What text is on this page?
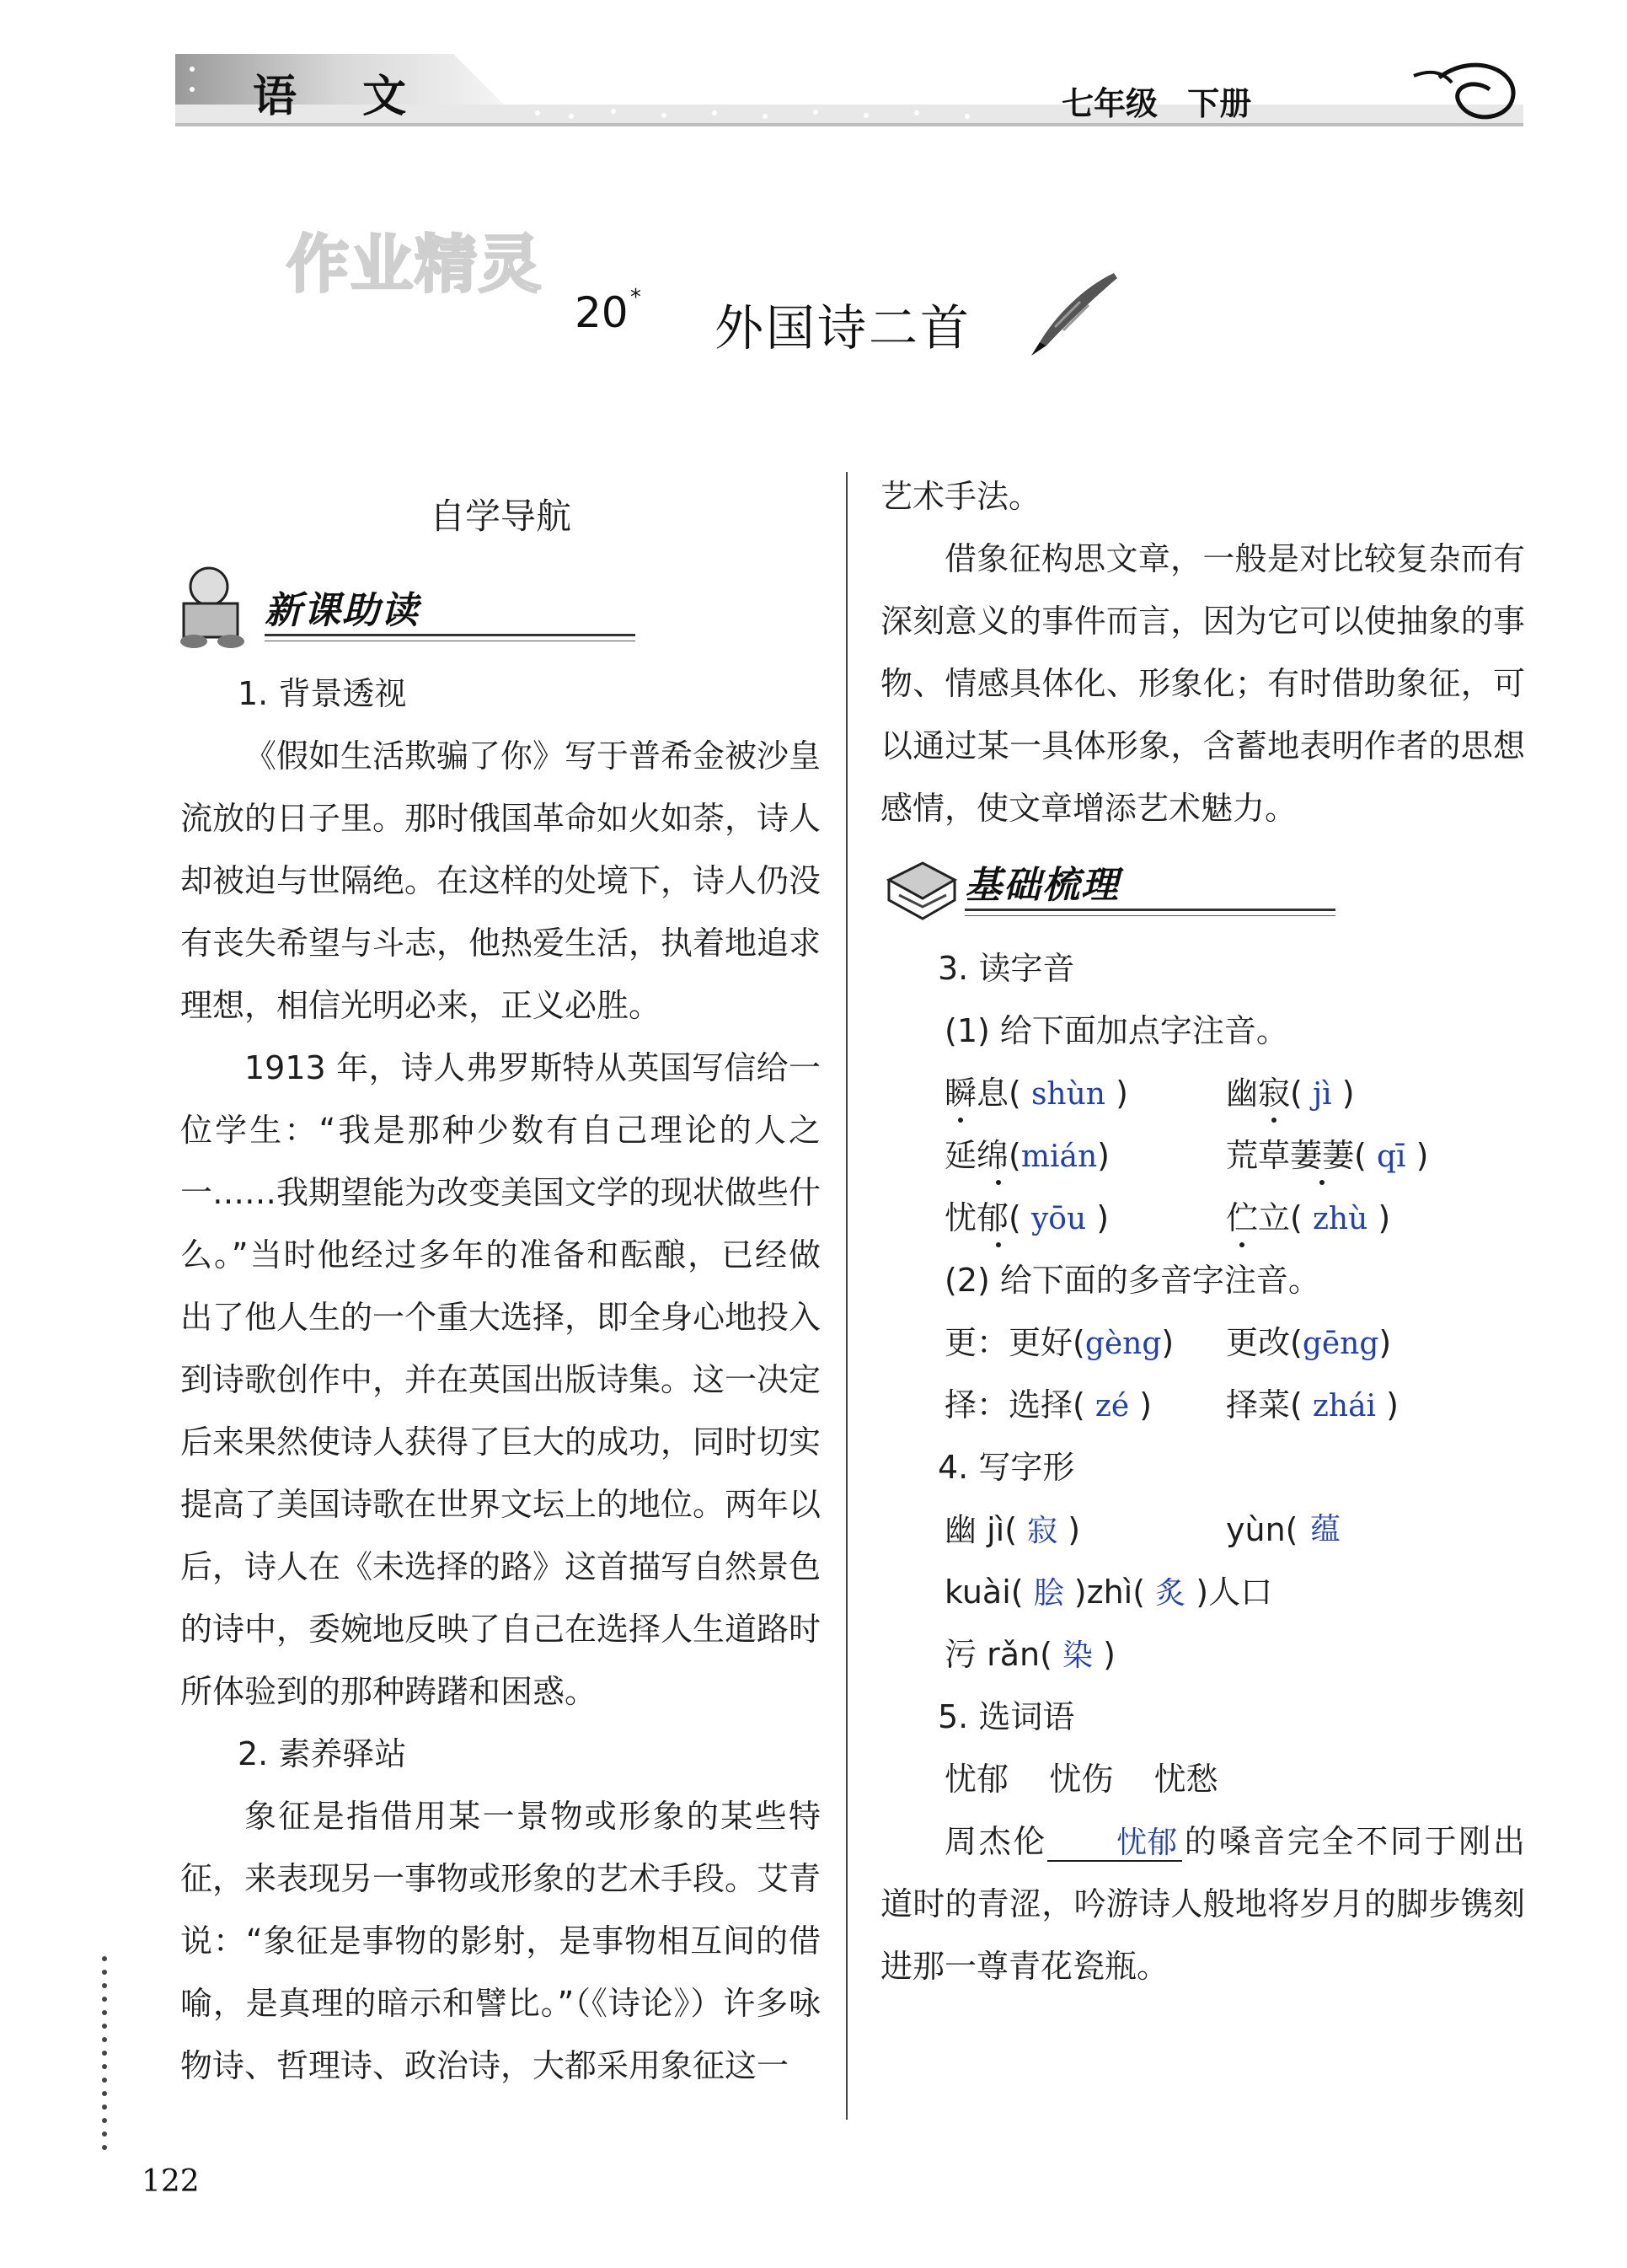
语 文	七年级 下册
作业精灵
20 *
外国诗二首

自学导航

新课助读

1. 背景透视

《假如生活欺骗了你》写于普希金被沙皇流放的日子里。那时俄国革命如火如荼，诗人却被迫与世隔绝。在这样的处境下，诗人仍没有丧失希望与斗志，他热爱生活，执着地追求理想，相信光明必来，正义必胜。

1913 年，诗人弗罗斯特从英国写信给一位学生：“我是那种少数有自己理论的人之一……我期望能为改变美国文学的现状做些什么。”当时他经过多年的准备和酝酿，已经做出了他人生的一个重大选择，即全身心地投入到诗歌创作中，并在英国出版诗集。这一决定后来果然使诗人获得了巨大的成功，同时切实提高了美国诗歌在世界文坛上的地位。两年以后，诗人在《未选择的路》这首描写自然景色的诗中，委婉地反映了自己在选择人生道路时所体验到的那种踌躇和困惑。

2. 素养驿站

象征是指借用某一景物或形象的某些特征，来表现另一事物或形象的艺术手段。艾青说：“象征是事物的影射，是事物相互间的借喻，是真理的暗示和譬比。”（《诗论》）许多咏物诗、哲理诗、政治诗，大都采用象征这一

艺术手法。

借象征构思文章，一般是对比较复杂而有深刻意义的事件而言，因为它可以使抽象的事物、情感具体化、形象化；有时借助象征，可以通过某一具体形象，含蓄地表明作者的思想感情，使文章增添艺术魅力。

基础梳理

3. 读字音

(1) 给下面加点字注音。

瞬息( shùn )	幽寂( jì )
延绵(mián)	荒草萋萋( qī )
忧郁( yōu )	伫立( zhù )

(2) 给下面的多音字注音。

更：更好(gèng) 更改(gēng)
择：选择( zé ) 择菜( zhái )

4. 写字形

幽 jì( 寂 )	yùn( 蕴
kuài( 脍 )zhì( 炙 )人口
污 rǎn( 染 )

5. 选词语

忧郁    忧伤    忧愁

周杰伦 忧郁 的嗓音完全不同于刚出道时的青涩，吟游诗人般地将岁月的脚步镌刻进那一尊青花瓷瓶。

122
